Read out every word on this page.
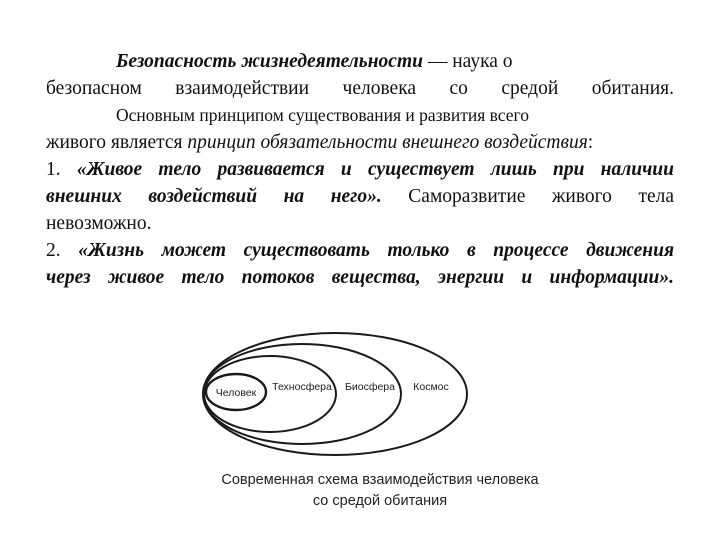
Безопасность жизнедеятельности — наука о
безопасном взаимодействии человека со средой обитания.
Основным принципом существования и развития всего
живого является принцип обязательности внешнего воздействия:
1. «Живое тело развивается и существует лишь при наличии
внешних воздействий на него». Саморазвитие живого тела
невозможно.
2. «Жизнь может существовать только в процессе движения
через живое тело потоков вещества, энергии и информации».
Человек Техносфера Биосфера Космос
Современная схема взаимодействия человека
со средой обитания
